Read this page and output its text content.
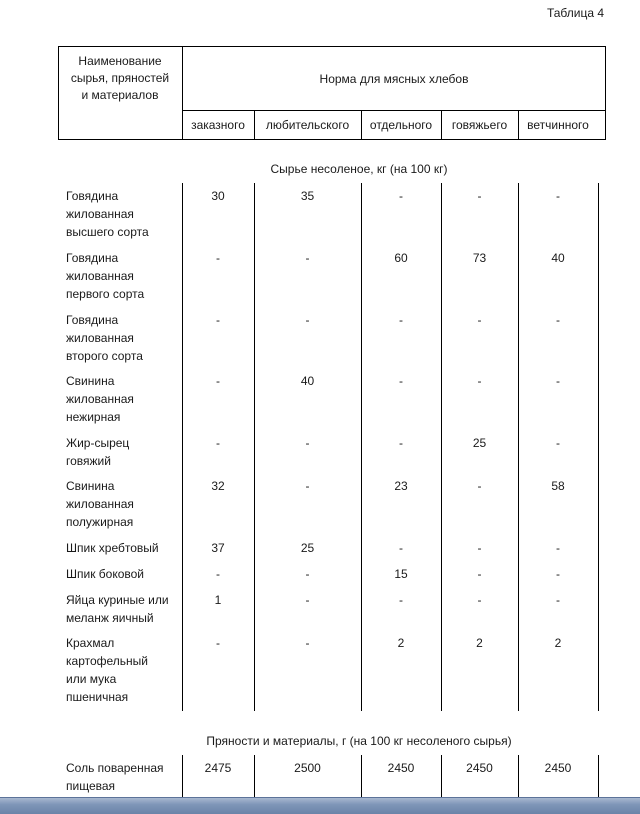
Таблица 4
Наименование
сырья, пряностей
и материалов
Норма для мясных хлебов
заказного	любительского	отдельного	говяжьего	ветчинного
Сырье несоленое, кг (на 100 кг)
Говядина
жилованная
высшего сорта
30	35	-	-	-
Говядина
жилованная
первого сорта
-	-	60	73	40
Говядина
жилованная
второго сорта
-	-	-	-	-
Свинина
жилованная
нежирная
-	40	-	-	-
Жир-сырец
говяжий
-	-	-	25	-
Свинина
жилованная
полужирная
32	-	23	-	58
Шпик хребтовый	37	25	-	-	-
Шпик боковой	-	-	15	-	-
Яйца куриные или
меланж яичный
1	-	-	-	-
Крахмал
картофельный
или мука
пшеничная
-	-	2	2	2
Пряности и материалы, г (на 100 кг несоленого сырья)
Соль поваренная
пищевая
2475	2500	2450	2450	2450
